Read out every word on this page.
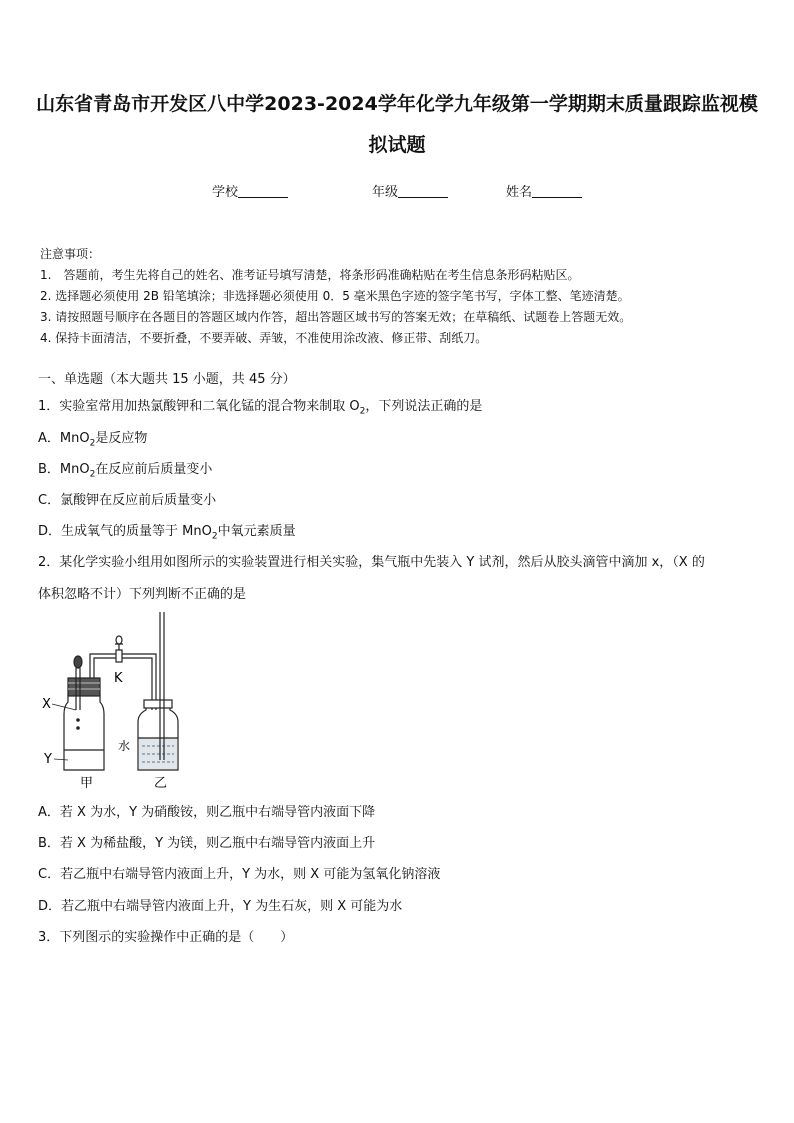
山东省青岛市开发区八中学2023-2024学年化学九年级第一学期期末质量跟踪监视模
拟试题
学校	年级	姓名
注意事项：
1.　答题前，考生先将自己的姓名、准考证号填写清楚，将条形码准确粘贴在考生信息条形码粘贴区。
2. 选择题必须使用 2B 铅笔填涂；非选择题必须使用 0．5 毫米黑色字迹的签字笔书写，字体工整、笔迹清楚。
3. 请按照题号顺序在各题目的答题区域内作答，超出答题区域书写的答案无效；在草稿纸、试题卷上答题无效。
4. 保持卡面清洁，不要折叠，不要弄破、弄皱，不准使用涂改液、修正带、刮纸刀。
一、单选题（本大题共 15 小题，共 45 分）
1．实验室常用加热氯酸钾和二氧化锰的混合物来制取 $O_2$，下列说法正确的是
A．MnO$_2$是反应物
B．MnO$_2$在反应前后质量变小
C．氯酸钾在反应前后质量变小
D．生成氧气的质量等于 MnO$_2$中氧元素质量
2．某化学实验小组用如图所示的实验装置进行相关实验，集气瓶中先装入 Y 试剂，然后从胶头滴管中滴加 x，（X 的
体积忽略不计）下列判断不正确的是
X
Y
K
水
甲	乙
A．若 X 为水，Y 为硝酸铵，则乙瓶中右端导管内液面下降
B．若 X 为稀盐酸，Y 为镁，则乙瓶中右端导管内液面上升
C．若乙瓶中右端导管内液面上升，Y 为水，则 X 可能为氢氧化钠溶液
D．若乙瓶中右端导管内液面上升，Y 为生石灰，则 X 可能为水
3．下列图示的实验操作中正确的是（　　）
